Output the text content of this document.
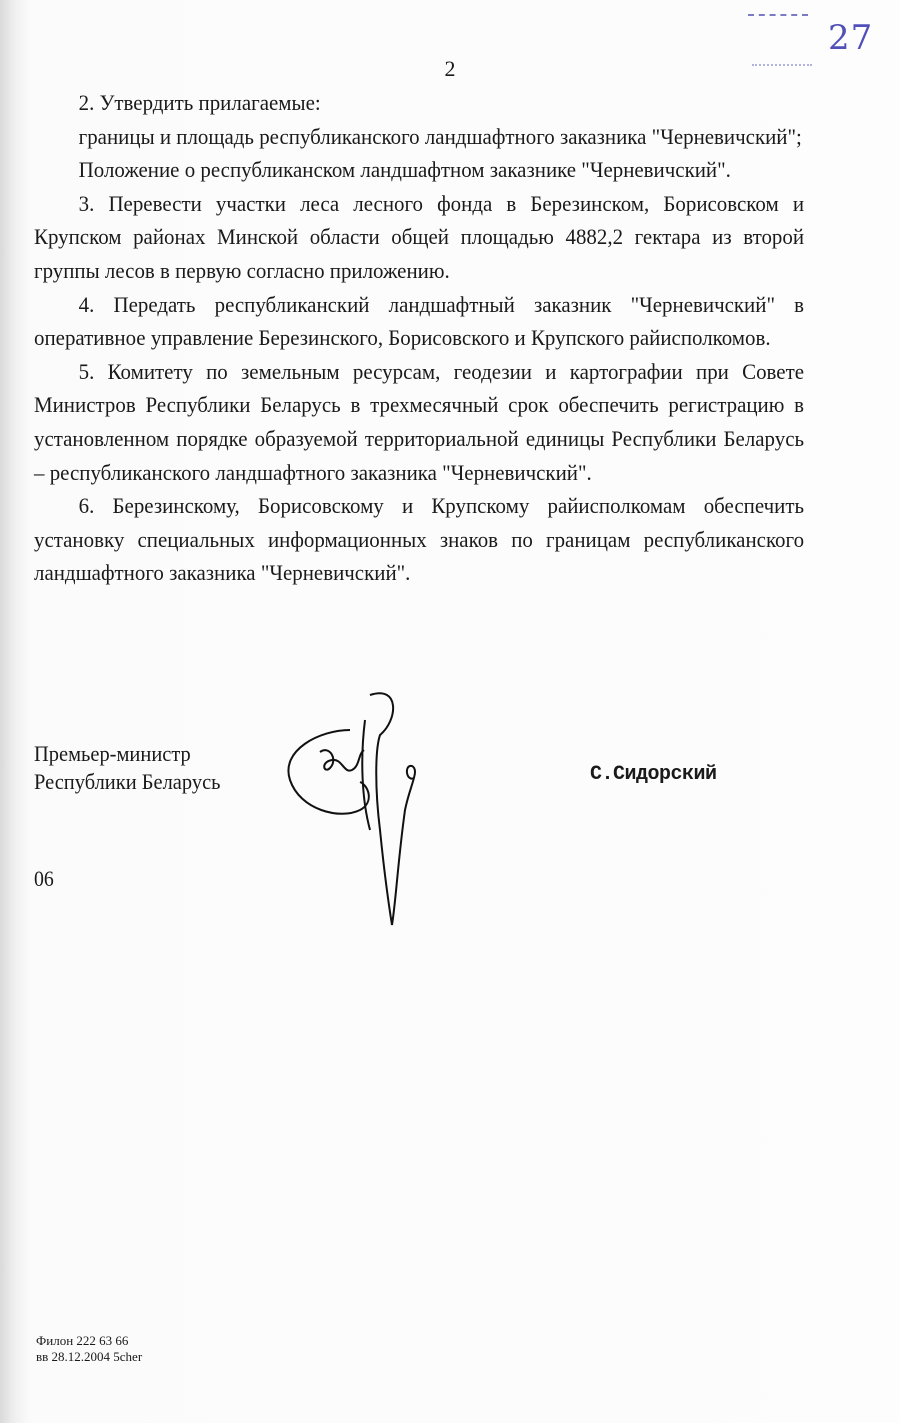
27
2

2. Утвердить прилагаемые:

границы и площадь республиканского ландшафтного заказника "Черневичский";

Положение о республиканском ландшафтном заказнике "Черневичский".

3. Перевести участки леса лесного фонда в Березинском, Борисовском и Крупском районах Минской области общей площадью 4882,2 гектара из второй группы лесов в первую согласно приложению.

4. Передать республиканский ландшафтный заказник "Черневичский" в оперативное управление Березинского, Борисовского и Крупского райисполкомов.

5. Комитету по земельным ресурсам, геодезии и картографии при Совете Министров Республики Беларусь в трехмесячный срок обеспечить регистрацию в установленном порядке образуемой территориальной единицы Республики Беларусь – республиканского ландшафтного заказника "Черневичский".

6. Березинскому, Борисовскому и Крупскому райисполкомам обеспечить установку специальных информационных знаков по границам республиканского ландшафтного заказника "Черневичский".

Премьер-министр
Республики Беларусь	С.Сидорский
06
Филон 222 63 66
вв 28.12.2004 5cher
